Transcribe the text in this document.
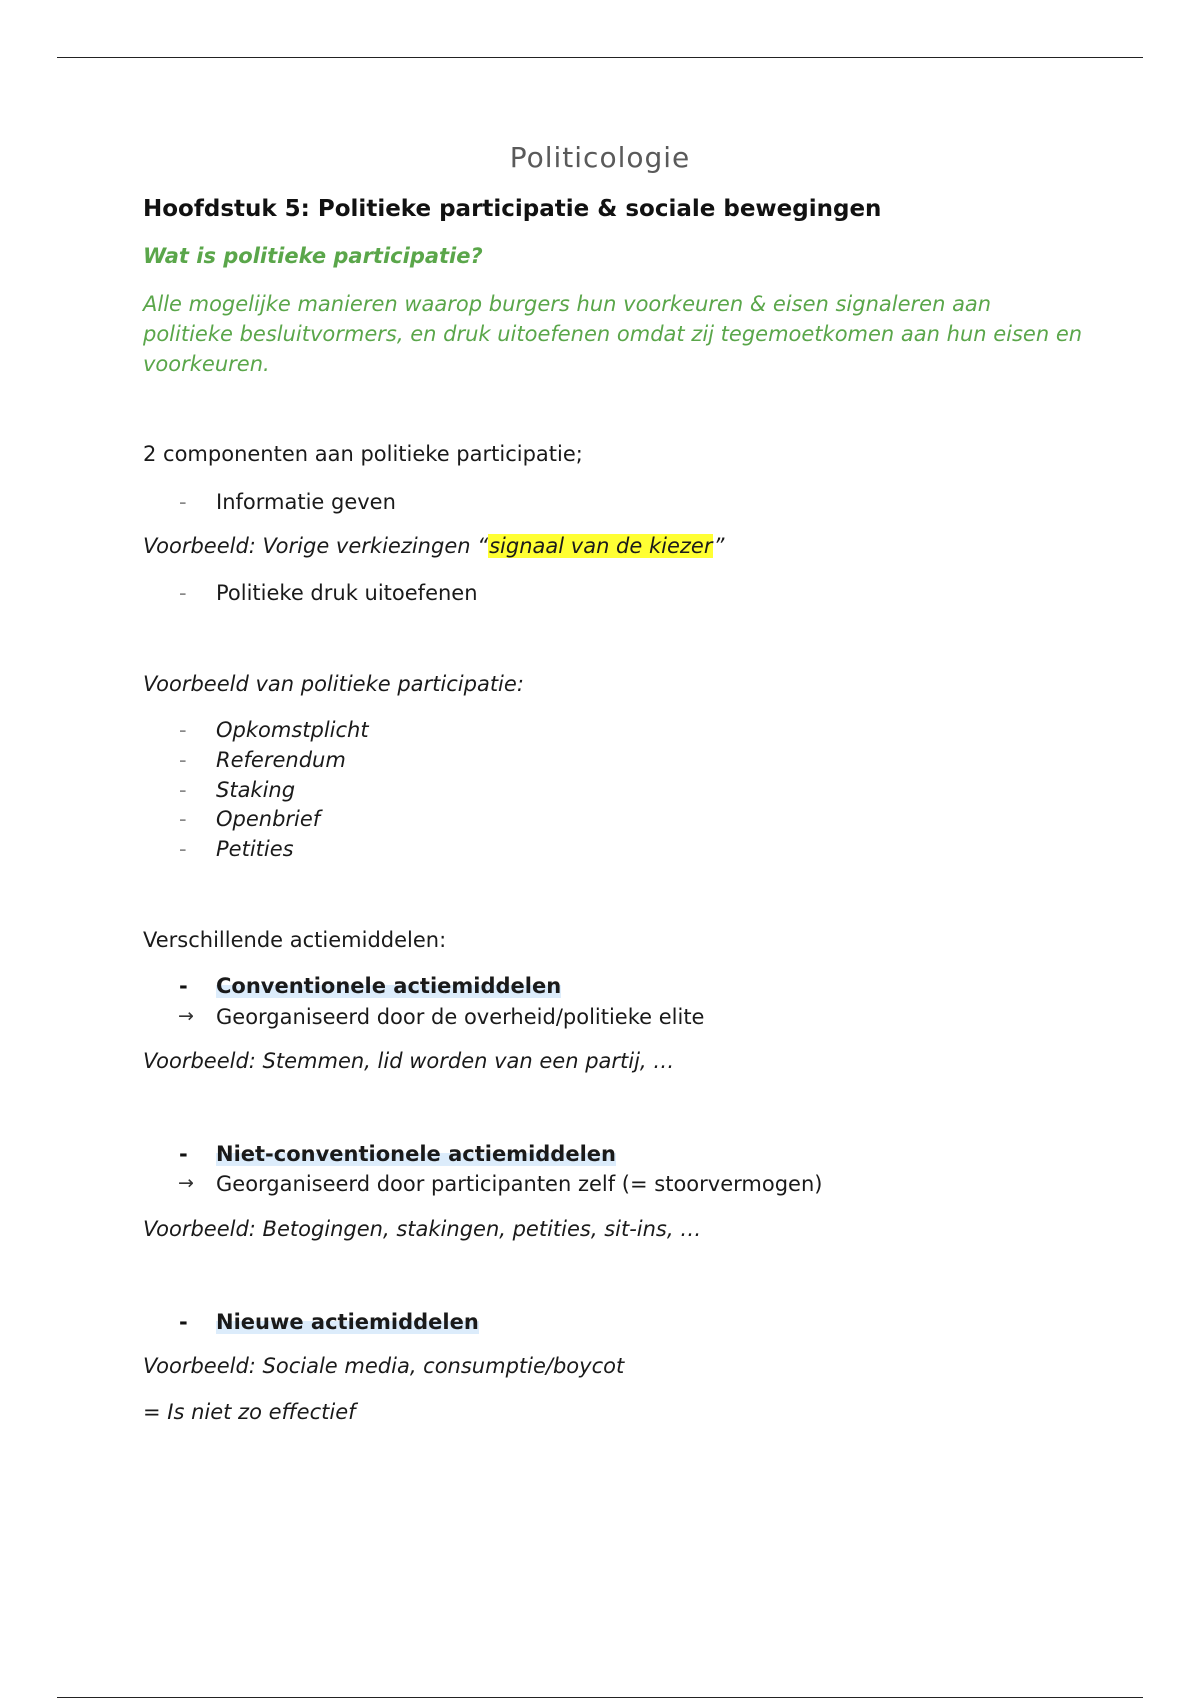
Politicologie
Hoofdstuk 5: Politieke participatie & sociale bewegingen
Wat is politieke participatie?
Alle mogelijke manieren waarop burgers hun voorkeuren & eisen signaleren aan politieke besluitvormers, en druk uitoefenen omdat zij tegemoetkomen aan hun eisen en voorkeuren.
2 componenten aan politieke participatie;
- Informatie geven
Voorbeeld: Vorige verkiezingen “signaal van de kiezer”
- Politieke druk uitoefenen
Voorbeeld van politieke participatie:
- Opkomstplicht
- Referendum
- Staking
- Openbrief
- Petities
Verschillende actiemiddelen:
- Conventionele actiemiddelen
→ Georganiseerd door de overheid/politieke elite
Voorbeeld: Stemmen, lid worden van een partij, …
- Niet-conventionele actiemiddelen
→ Georganiseerd door participanten zelf (= stoorvermogen)
Voorbeeld: Betogingen, stakingen, petities, sit-ins, …
- Nieuwe actiemiddelen
Voorbeeld: Sociale media, consumptie/boycot
= Is niet zo effectief
